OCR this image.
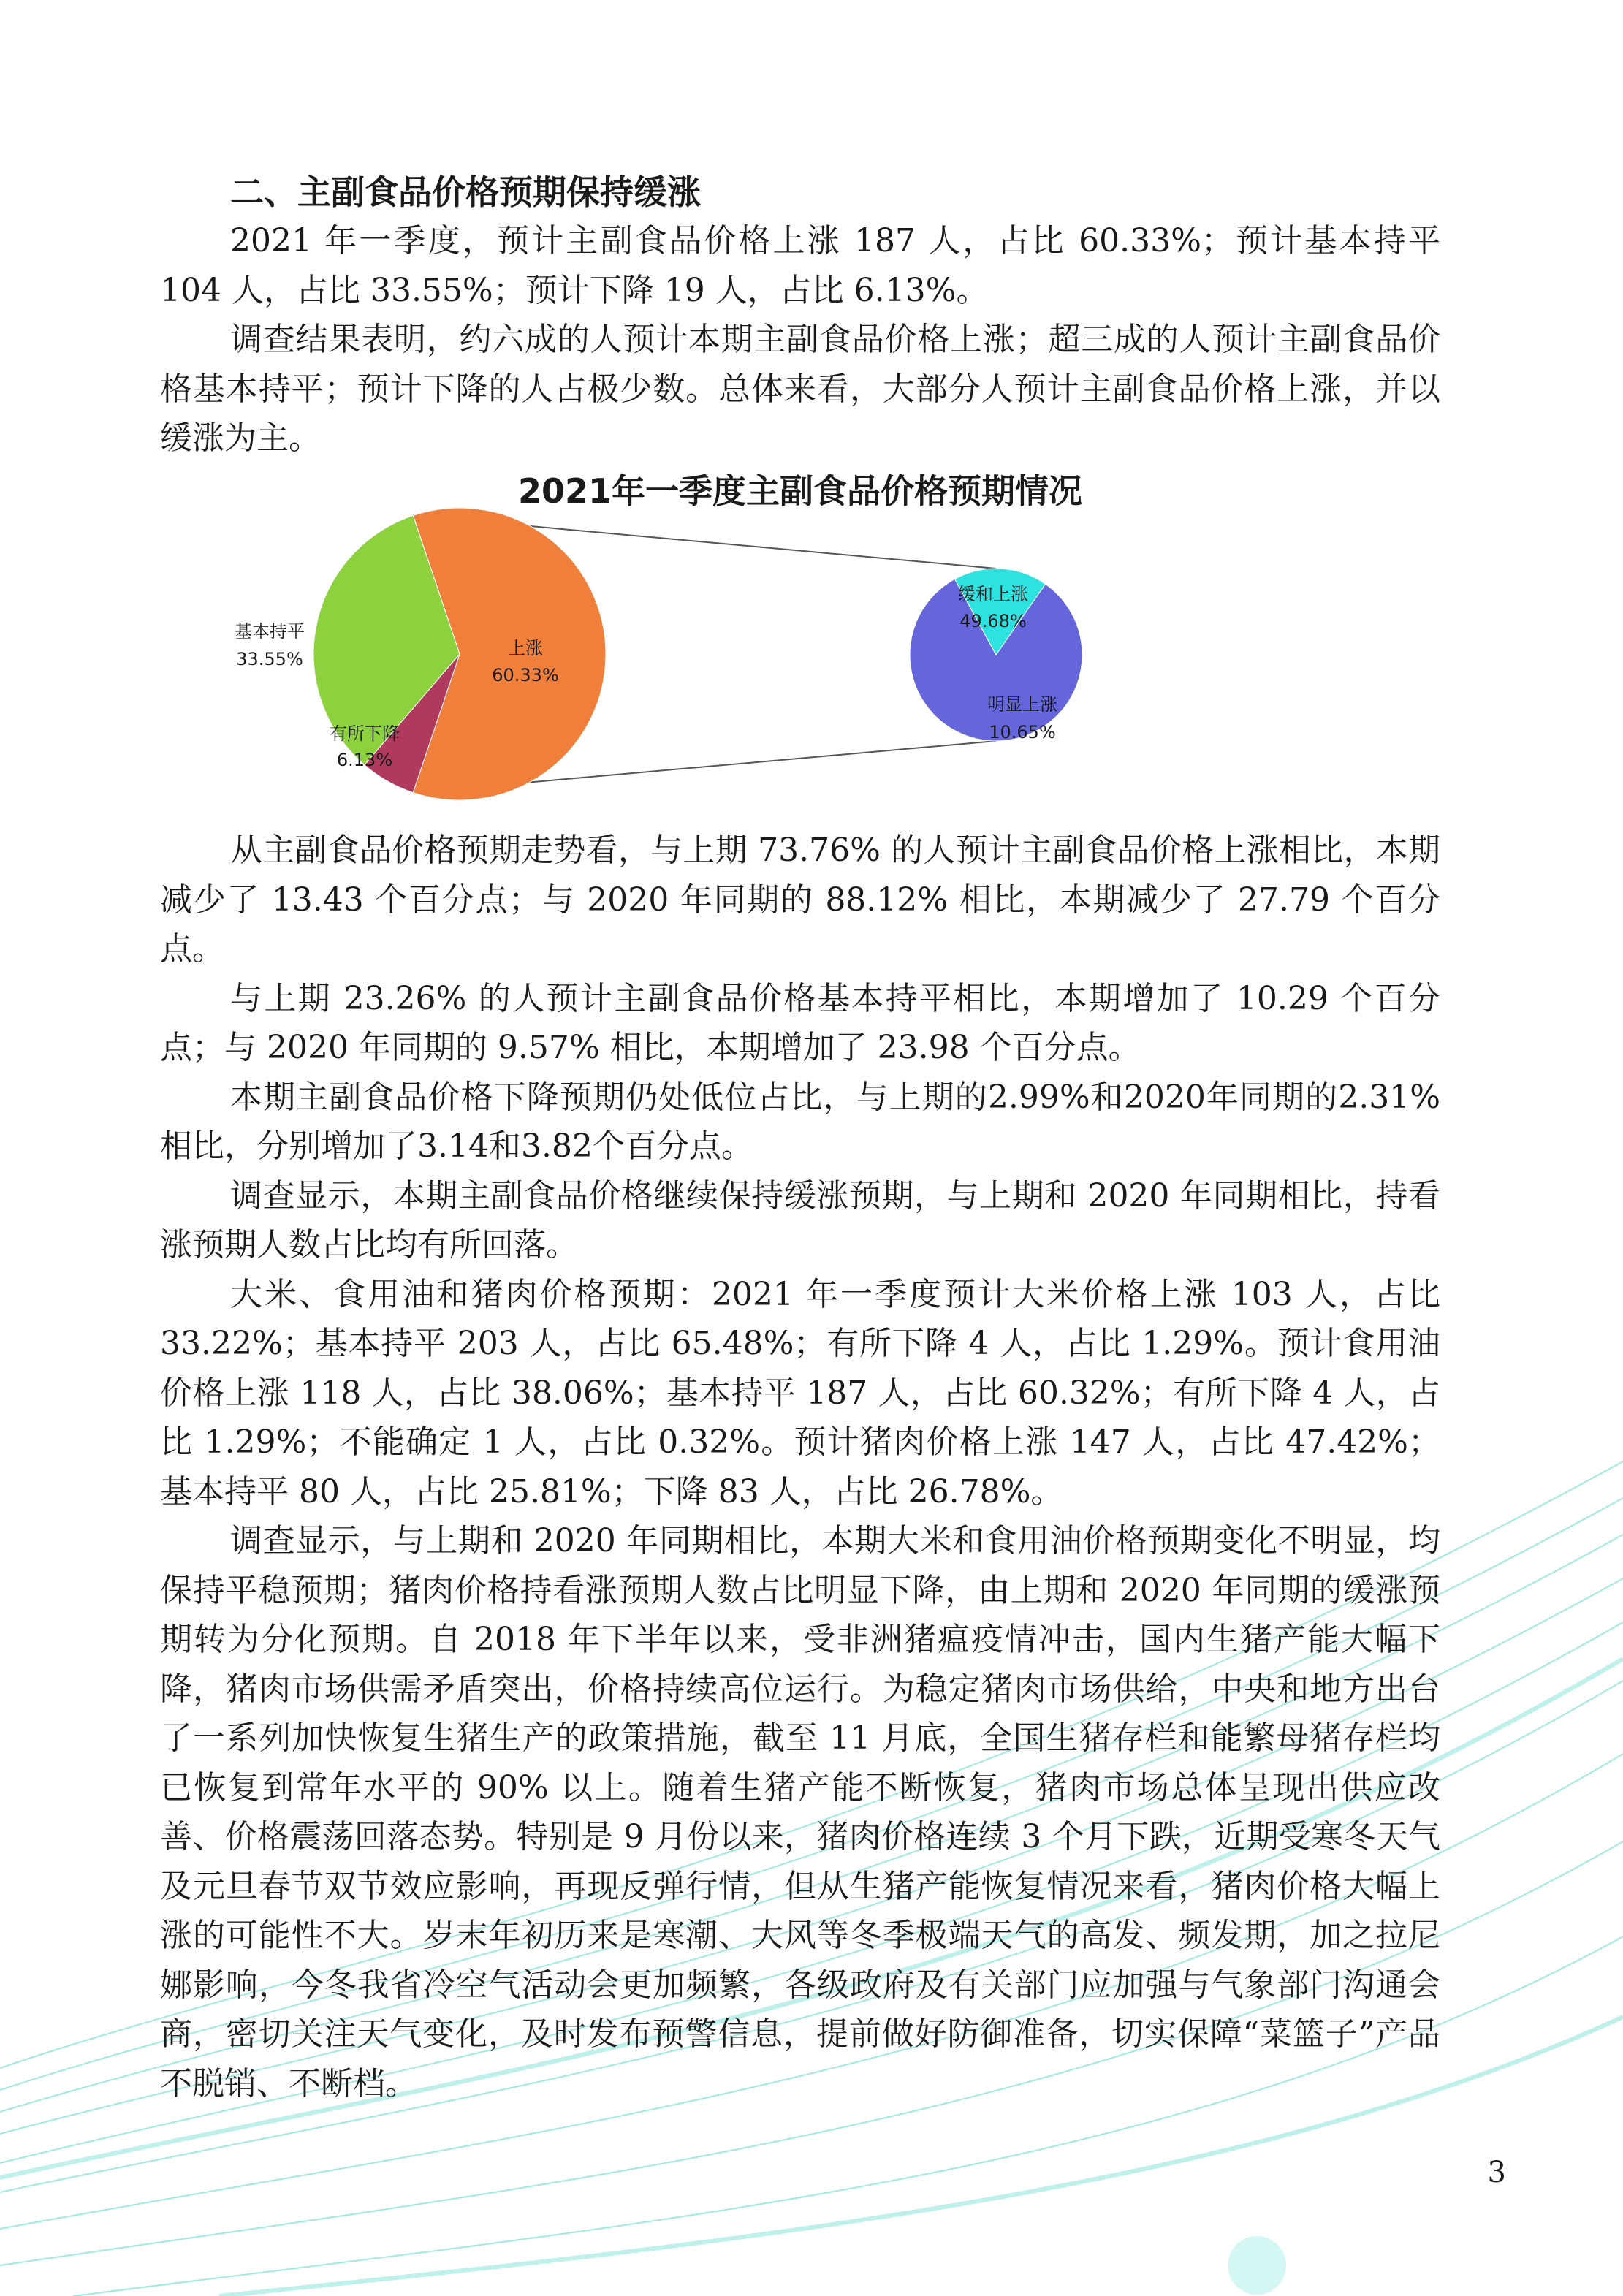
二、主副食品价格预期保持缓涨

2021 年一季度，预计主副食品价格上涨 187 人，占比 60.33%；预计基本持平 104 人，占比 33.55%；预计下降 19 人，占比 6.13%。

调查结果表明，约六成的人预计本期主副食品价格上涨；超三成的人预计主副食品价格基本持平；预计下降的人占极少数。总体来看，大部分人预计主副食品价格上涨，并以缓涨为主。

2021年一季度主副食品价格预期情况
上涨
60.33%
基本持平
33.55%
有所下降
6.13%
缓和上涨
49.68%
明显上涨
10.65%

从主副食品价格预期走势看，与上期 73.76% 的人预计主副食品价格上涨相比，本期减少了 13.43 个百分点；与 2020 年同期的 88.12% 相比，本期减少了 27.79 个百分点。

与上期 23.26% 的人预计主副食品价格基本持平相比，本期增加了 10.29 个百分点；与 2020 年同期的 9.57% 相比，本期增加了 23.98 个百分点。

本期主副食品价格下降预期仍处低位占比，与上期的2.99%和2020年同期的2.31%相比，分别增加了3.14和3.82个百分点。

调查显示，本期主副食品价格继续保持缓涨预期，与上期和 2020 年同期相比，持看涨预期人数占比均有所回落。

大米、食用油和猪肉价格预期：2021 年一季度预计大米价格上涨 103 人，占比 33.22%；基本持平 203 人，占比 65.48%；有所下降 4 人，占比 1.29%。预计食用油价格上涨 118 人，占比 38.06%；基本持平 187 人，占比 60.32%；有所下降 4 人，占比 1.29%；不能确定 1 人，占比 0.32%。预计猪肉价格上涨 147 人，占比 47.42%；基本持平 80 人，占比 25.81%；下降 83 人，占比 26.78%。

调查显示，与上期和 2020 年同期相比，本期大米和食用油价格预期变化不明显，均保持平稳预期；猪肉价格持看涨预期人数占比明显下降，由上期和 2020 年同期的缓涨预期转为分化预期。自 2018 年下半年以来，受非洲猪瘟疫情冲击，国内生猪产能大幅下降，猪肉市场供需矛盾突出，价格持续高位运行。为稳定猪肉市场供给，中央和地方出台了一系列加快恢复生猪生产的政策措施，截至 11 月底，全国生猪存栏和能繁母猪存栏均已恢复到常年水平的 90% 以上。随着生猪产能不断恢复，猪肉市场总体呈现出供应改善、价格震荡回落态势。特别是 9 月份以来，猪肉价格连续 3 个月下跌，近期受寒冬天气及元旦春节双节效应影响，再现反弹行情，但从生猪产能恢复情况来看，猪肉价格大幅上涨的可能性不大。岁末年初历来是寒潮、大风等冬季极端天气的高发、频发期，加之拉尼娜影响，今冬我省冷空气活动会更加频繁，各级政府及有关部门应加强与气象部门沟通会商，密切关注天气变化，及时发布预警信息，提前做好防御准备，切实保障“菜篮子”产品不脱销、不断档。

3
